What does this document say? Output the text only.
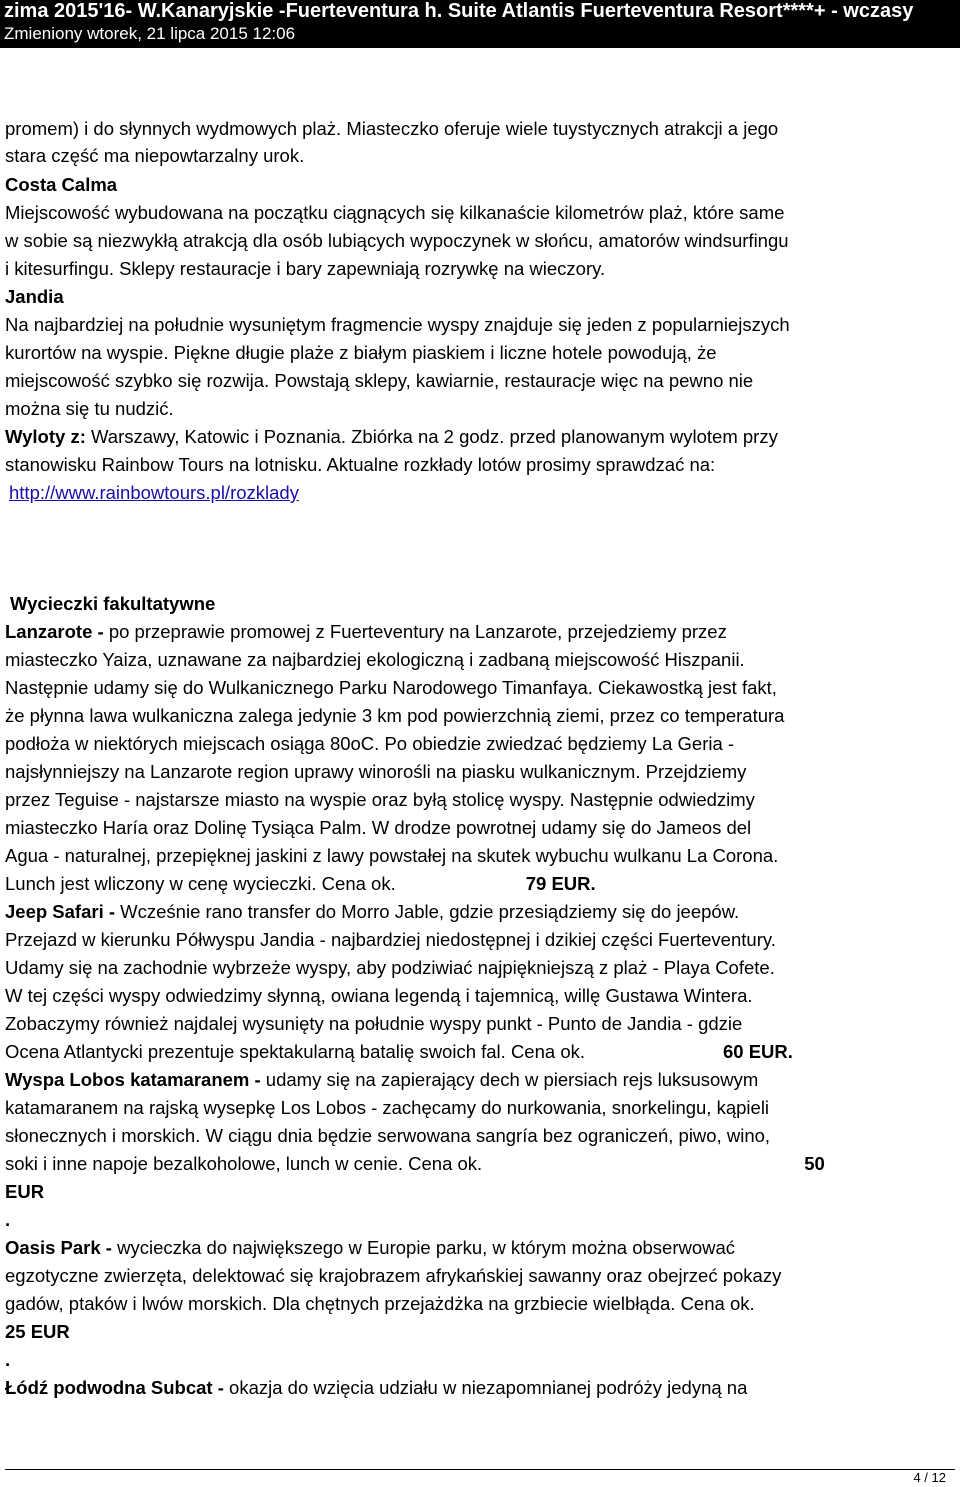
zima 2015'16- W.Kanaryjskie -Fuerteventura h. Suite Atlantis Fuerteventura Resort****+ - wczasy
Zmieniony wtorek, 21 lipca 2015 12:06

promem) i do słynnych wydmowych plaż. Miasteczko oferuje wiele tuystycznych atrakcji a jego

stara część ma niepowtarzalny urok.

Costa Calma

Miejscowość wybudowana na początku ciągnących się kilkanaście kilometrów plaż, które same

w sobie są niezwykłą atrakcją dla osób lubiących wypoczynek w słońcu, amatorów windsurfingu

i kitesurfingu. Sklepy restauracje i bary zapewniają rozrywkę na wieczory.

Jandia

Na najbardziej na południe wysuniętym fragmencie wyspy znajduje się jeden z popularniejszych

kurortów na wyspie. Piękne długie plaże z białym piaskiem i liczne hotele powodują, że

miejscowość szybko się rozwija. Powstają sklepy, kawiarnie, restauracje więc na pewno nie

można się tu nudzić.

Wyloty z: Warszawy, Katowic i Poznania. Zbiórka na 2 godz. przed planowanym wylotem przy

stanowisku Rainbow Tours na lotnisku. Aktualne rozkłady lotów prosimy sprawdzać na:

http://www.rainbowtours.pl/rozklady

Wycieczki fakultatywne

Lanzarote - po przeprawie promowej z Fuerteventury na Lanzarote, przejedziemy przez

miasteczko Yaiza, uznawane za najbardziej ekologiczną i zadbaną miejscowość Hiszpanii.

Następnie udamy się do Wulkanicznego Parku Narodowego Timanfaya. Ciekawostką jest fakt,

że płynna lawa wulkaniczna zalega jedynie 3 km pod powierzchnią ziemi, przez co temperatura

podłoża w niektórych miejscach osiąga 80oC. Po obiedzie zwiedzać będziemy La Geria -

najsłynniejszy na Lanzarote region uprawy winorośli na piasku wulkanicznym. Przejdziemy

przez Teguise - najstarsze miasto na wyspie oraz byłą stolicę wyspy. Następnie odwiedzimy

miasteczko Haría oraz Dolinę Tysiąca Palm. W drodze powrotnej udamy się do Jameos del

Agua - naturalnej, przepięknej jaskini z lawy powstałej na skutek wybuchu wulkanu La Corona.

Lunch jest wliczony w cenę wycieczki. Cena ok.	79 EUR.

Jeep Safari - Wcześnie rano transfer do Morro Jable, gdzie przesiądziemy się do jeepów.

Przejazd w kierunku Półwyspu Jandia - najbardziej niedostępnej i dzikiej części Fuerteventury.

Udamy się na zachodnie wybrzeże wyspy, aby podziwiać najpiękniejszą z plaż - Playa Cofete.

W tej części wyspy odwiedzimy słynną, owiana legendą i tajemnicą, willę Gustawa Wintera.

Zobaczymy również najdalej wysunięty na południe wyspy punkt - Punto de Jandia - gdzie

Ocena Atlantycki prezentuje spektakularną batalię swoich fal. Cena ok.	60 EUR.

Wyspa Lobos katamaranem - udamy się na zapierający dech w piersiach rejs luksusowym

katamaranem na rajską wysepkę Los Lobos - zachęcamy do nurkowania, snorkelingu, kąpieli

słonecznych i morskich. W ciągu dnia będzie serwowana sangría bez ograniczeń, piwo, wino,

soki i inne napoje bezalkoholowe, lunch w cenie. Cena ok.	50

EUR

.

Oasis Park - wycieczka do największego w Europie parku, w którym można obserwować

egzotyczne zwierzęta, delektować się krajobrazem afrykańskiej sawanny oraz obejrzeć pokazy

gadów, ptaków i lwów morskich. Dla chętnych przejażdżka na grzbiecie wielbłąda. Cena ok.

25 EUR

.

Łódź podwodna Subcat - okazja do wzięcia udziału w niezapomnianej podróży jedyną na

4 / 12
